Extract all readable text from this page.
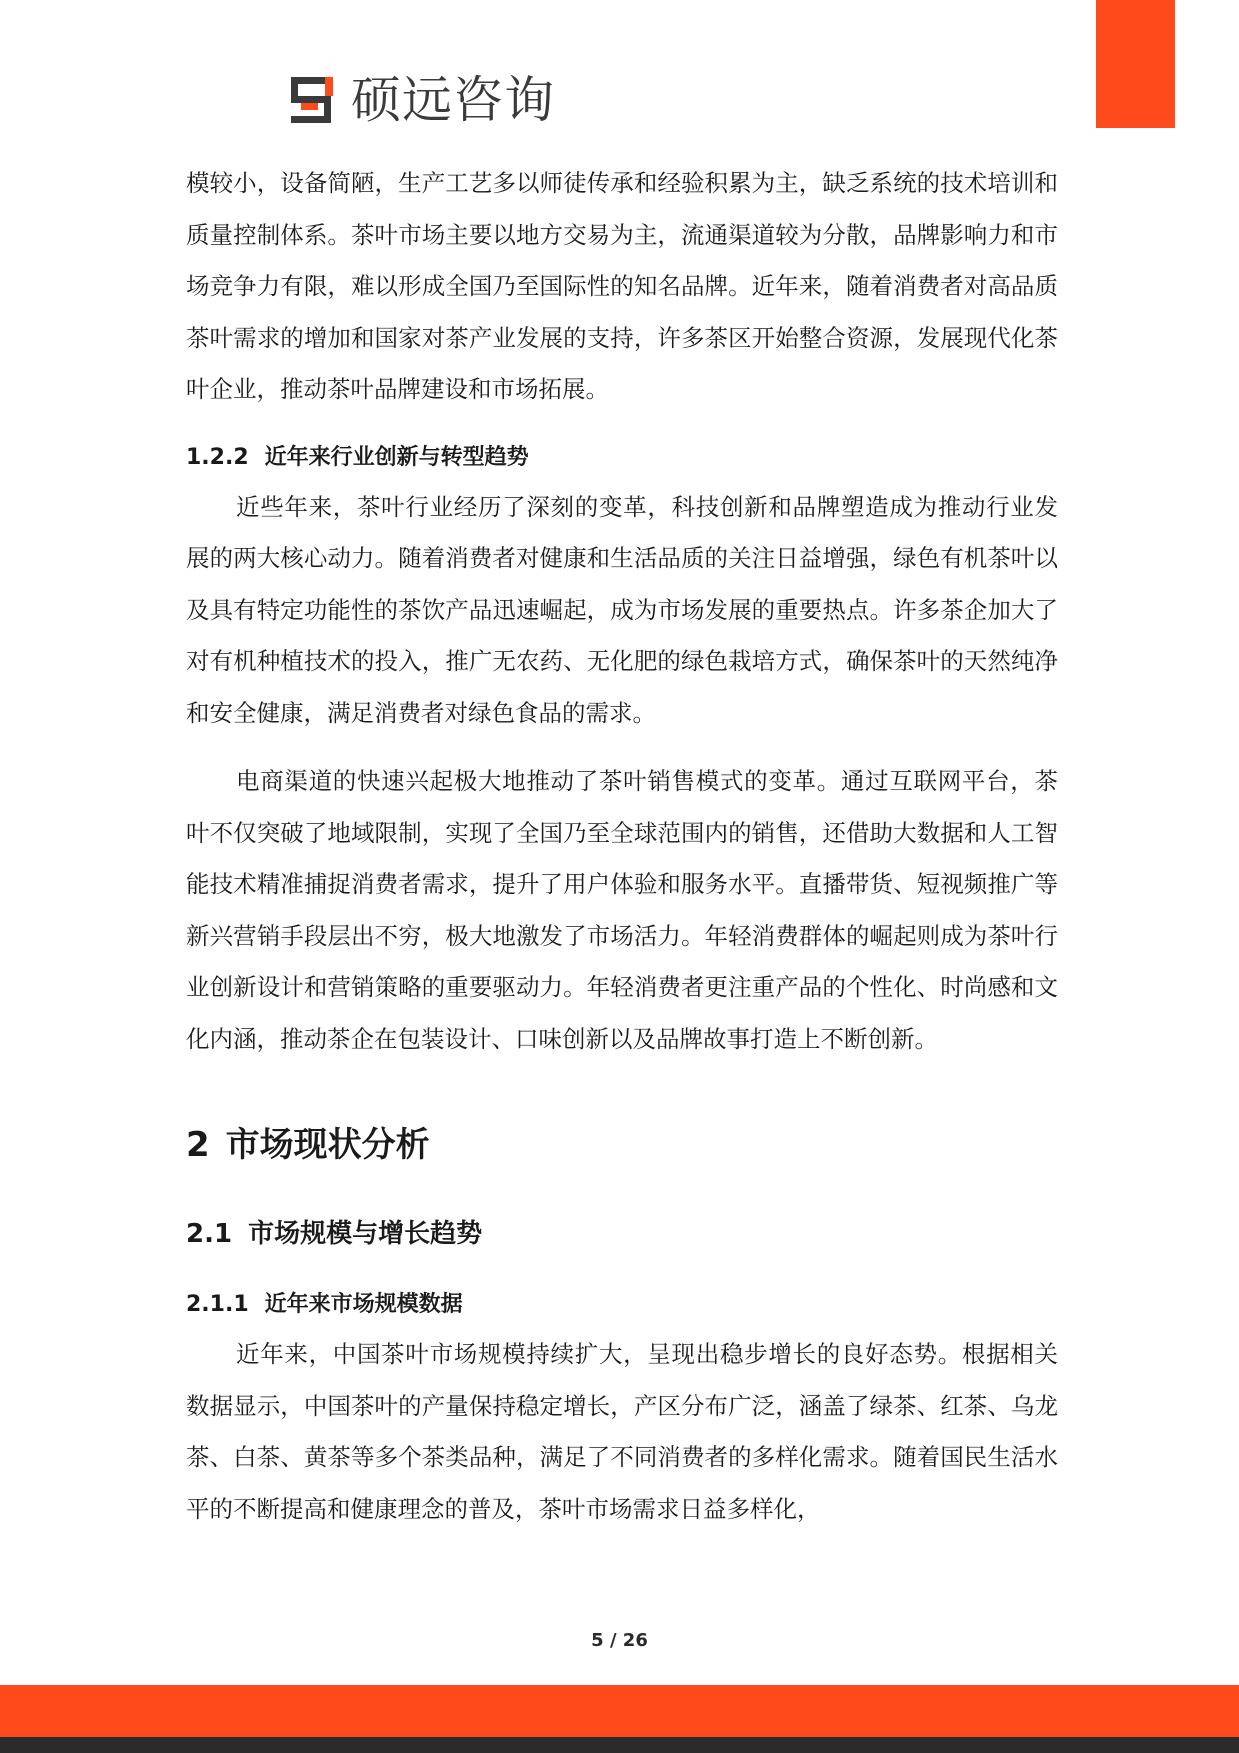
硕远咨询

模较小，设备简陋，生产工艺多以师徒传承和经验积累为主，缺乏系统的技术培训和质量控制体系。茶叶市场主要以地方交易为主，流通渠道较为分散，品牌影响力和市场竞争力有限，难以形成全国乃至国际性的知名品牌。近年来，随着消费者对高品质茶叶需求的增加和国家对茶产业发展的支持，许多茶区开始整合资源，发展现代化茶叶企业，推动茶叶品牌建设和市场拓展。

1.2.2 近年来行业创新与转型趋势

近些年来，茶叶行业经历了深刻的变革，科技创新和品牌塑造成为推动行业发展的两大核心动力。随着消费者对健康和生活品质的关注日益增强，绿色有机茶叶以及具有特定功能性的茶饮产品迅速崛起，成为市场发展的重要热点。许多茶企加大了对有机种植技术的投入，推广无农药、无化肥的绿色栽培方式，确保茶叶的天然纯净和安全健康，满足消费者对绿色食品的需求。

电商渠道的快速兴起极大地推动了茶叶销售模式的变革。通过互联网平台，茶叶不仅突破了地域限制，实现了全国乃至全球范围内的销售，还借助大数据和人工智能技术精准捕捉消费者需求，提升了用户体验和服务水平。直播带货、短视频推广等新兴营销手段层出不穷，极大地激发了市场活力。年轻消费群体的崛起则成为茶叶行业创新设计和营销策略的重要驱动力。年轻消费者更注重产品的个性化、时尚感和文化内涵，推动茶企在包装设计、口味创新以及品牌故事打造上不断创新。

2 市场现状分析
2.1 市场规模与增长趋势
2.1.1 近年来市场规模数据

近年来，中国茶叶市场规模持续扩大，呈现出稳步增长的良好态势。根据相关数据显示，中国茶叶的产量保持稳定增长，产区分布广泛，涵盖了绿茶、红茶、乌龙茶、白茶、黄茶等多个茶类品种，满足了不同消费者的多样化需求。随着国民生活水平的不断提高和健康理念的普及，茶叶市场需求日益多样化，

5 / 26
